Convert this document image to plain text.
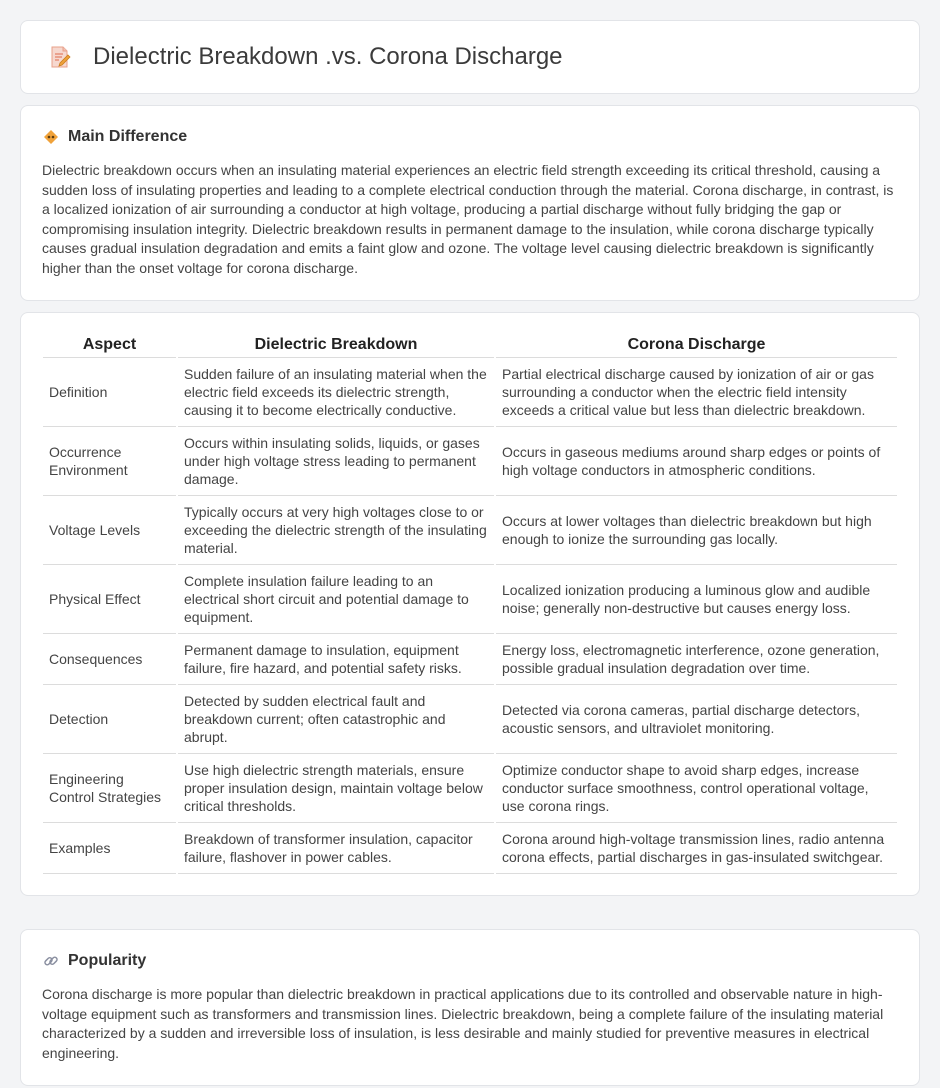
Dielectric Breakdown .vs. Corona Discharge
Main Difference

Dielectric breakdown occurs when an insulating material experiences an electric field strength exceeding its critical threshold, causing a sudden loss of insulating properties and leading to a complete electrical conduction through the material. Corona discharge, in contrast, is a localized ionization of air surrounding a conductor at high voltage, producing a partial discharge without fully bridging the gap or compromising insulation integrity. Dielectric breakdown results in permanent damage to the insulation, while corona discharge typically causes gradual insulation degradation and emits a faint glow and ozone. The voltage level causing dielectric breakdown is significantly higher than the onset voltage for corona discharge.

Aspect	Dielectric Breakdown	Corona Discharge
Definition	Sudden failure of an insulating material when the electric field exceeds its dielectric strength, causing it to become electrically conductive.	Partial electrical discharge caused by ionization of air or gas surrounding a conductor when the electric field intensity exceeds a critical value but less than dielectric breakdown.
Occurrence Environment	Occurs within insulating solids, liquids, or gases under high voltage stress leading to permanent damage.	Occurs in gaseous mediums around sharp edges or points of high voltage conductors in atmospheric conditions.
Voltage Levels	Typically occurs at very high voltages close to or exceeding the dielectric strength of the insulating material.	Occurs at lower voltages than dielectric breakdown but high enough to ionize the surrounding gas locally.
Physical Effect	Complete insulation failure leading to an electrical short circuit and potential damage to equipment.	Localized ionization producing a luminous glow and audible noise; generally non-destructive but causes energy loss.
Consequences	Permanent damage to insulation, equipment failure, fire hazard, and potential safety risks.	Energy loss, electromagnetic interference, ozone generation, possible gradual insulation degradation over time.
Detection	Detected by sudden electrical fault and breakdown current; often catastrophic and abrupt.	Detected via corona cameras, partial discharge detectors, acoustic sensors, and ultraviolet monitoring.
Engineering Control Strategies	Use high dielectric strength materials, ensure proper insulation design, maintain voltage below critical thresholds.	Optimize conductor shape to avoid sharp edges, increase conductor surface smoothness, control operational voltage, use corona rings.
Examples	Breakdown of transformer insulation, capacitor failure, flashover in power cables.	Corona around high-voltage transmission lines, radio antenna corona effects, partial discharges in gas-insulated switchgear.
Popularity

Corona discharge is more popular than dielectric breakdown in practical applications due to its controlled and observable nature in high-voltage equipment such as transformers and transmission lines. Dielectric breakdown, being a complete failure of the insulating material characterized by a sudden and irreversible loss of insulation, is less desirable and mainly studied for preventive measures in electrical engineering.
